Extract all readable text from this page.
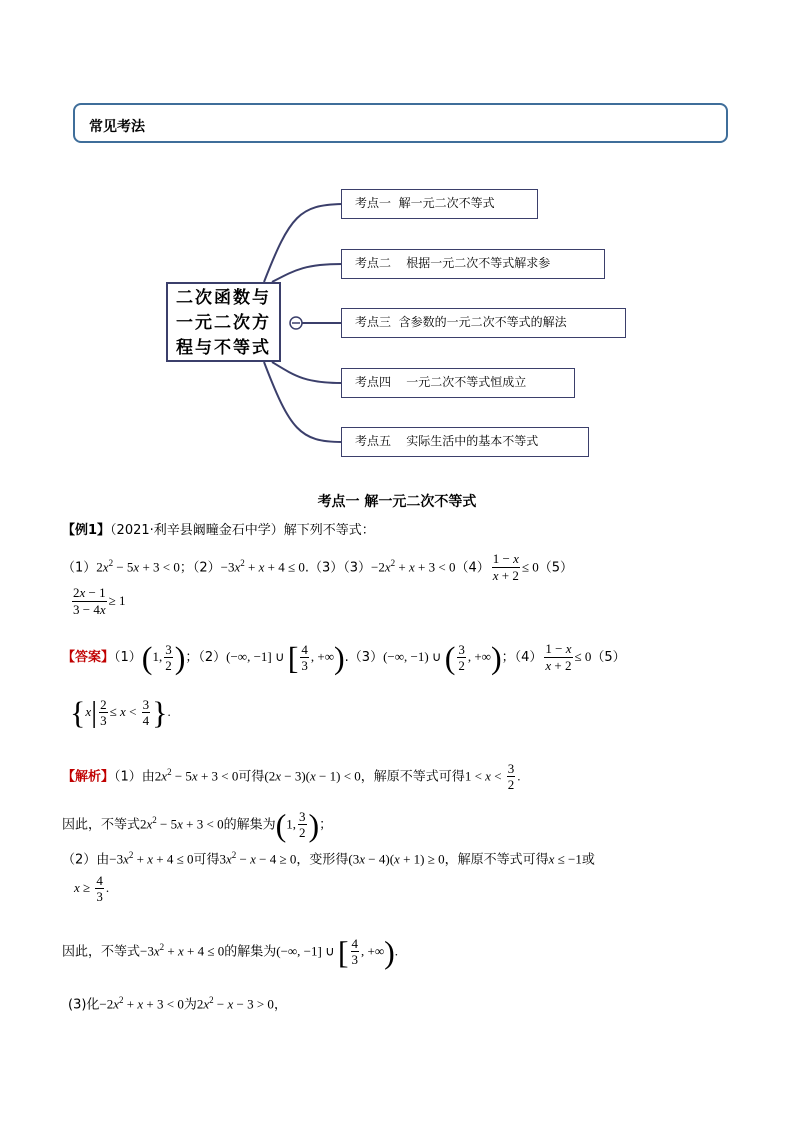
常见考法
二次函数与
一元二次方
程与不等式
考点一  解一元二次不等式
考点二    根据一元二次不等式解求参
考点三  含参数的一元二次不等式的解法
考点四    一元二次不等式恒成立
考点五    实际生活中的基本不等式
考点一 解一元二次不等式
【例1】（2021·利辛县阚疃金石中学）解下列不等式：
$(1)2x^2 - 5x + 3 < 0$；$(2)-3x^2 + x + 4 \le 0.(3)(3)-2x^2 + x + 3 < 0(4) \frac{1 - x}{x + 2} \le 0(5)$
$\frac{2x - 1}{3 - 4x} \ge 1$
【答案】（1）(1, $\frac{3}{2}$ )；（2）(−∞, −1] ∪ [ $\frac{4}{3}$ , +∞).（3）(−∞, −1) ∪ ( $\frac{3}{2}$ , +∞)；$(4) \frac{1 - x}{x + 2} \le 0(5)$
{$x| \frac{2}{3} \le x < \frac{3}{4}$ }.
【解析】（1）由$2x^2 - 5x + 3 < 0$可得(2x − 3)(x − 1) < 0，解原不等式可得$1 < x < \frac{3}{2}$ .
因此，不等式$2x^2 - 5x + 3 < 0$的解集为(1, $\frac{3}{2}$ )；
（2）由$-3x^2 + x + 4 \le 0$可得$3x^2 - x - 4 \ge 0$，变形得(3x − 4)(x + 1) ≥ 0，解原不等式可得x ≤ −1或
$x \ge \frac{4}{3}$ .
因此，不等式$-3x^2 + x + 4 \le 0$的解集为(−∞, −1] ∪ [ $\frac{4}{3}$ , +∞).
(3)化$-2x^2 + x + 3 < 0$为$2x^2 - x - 3 > 0$，
